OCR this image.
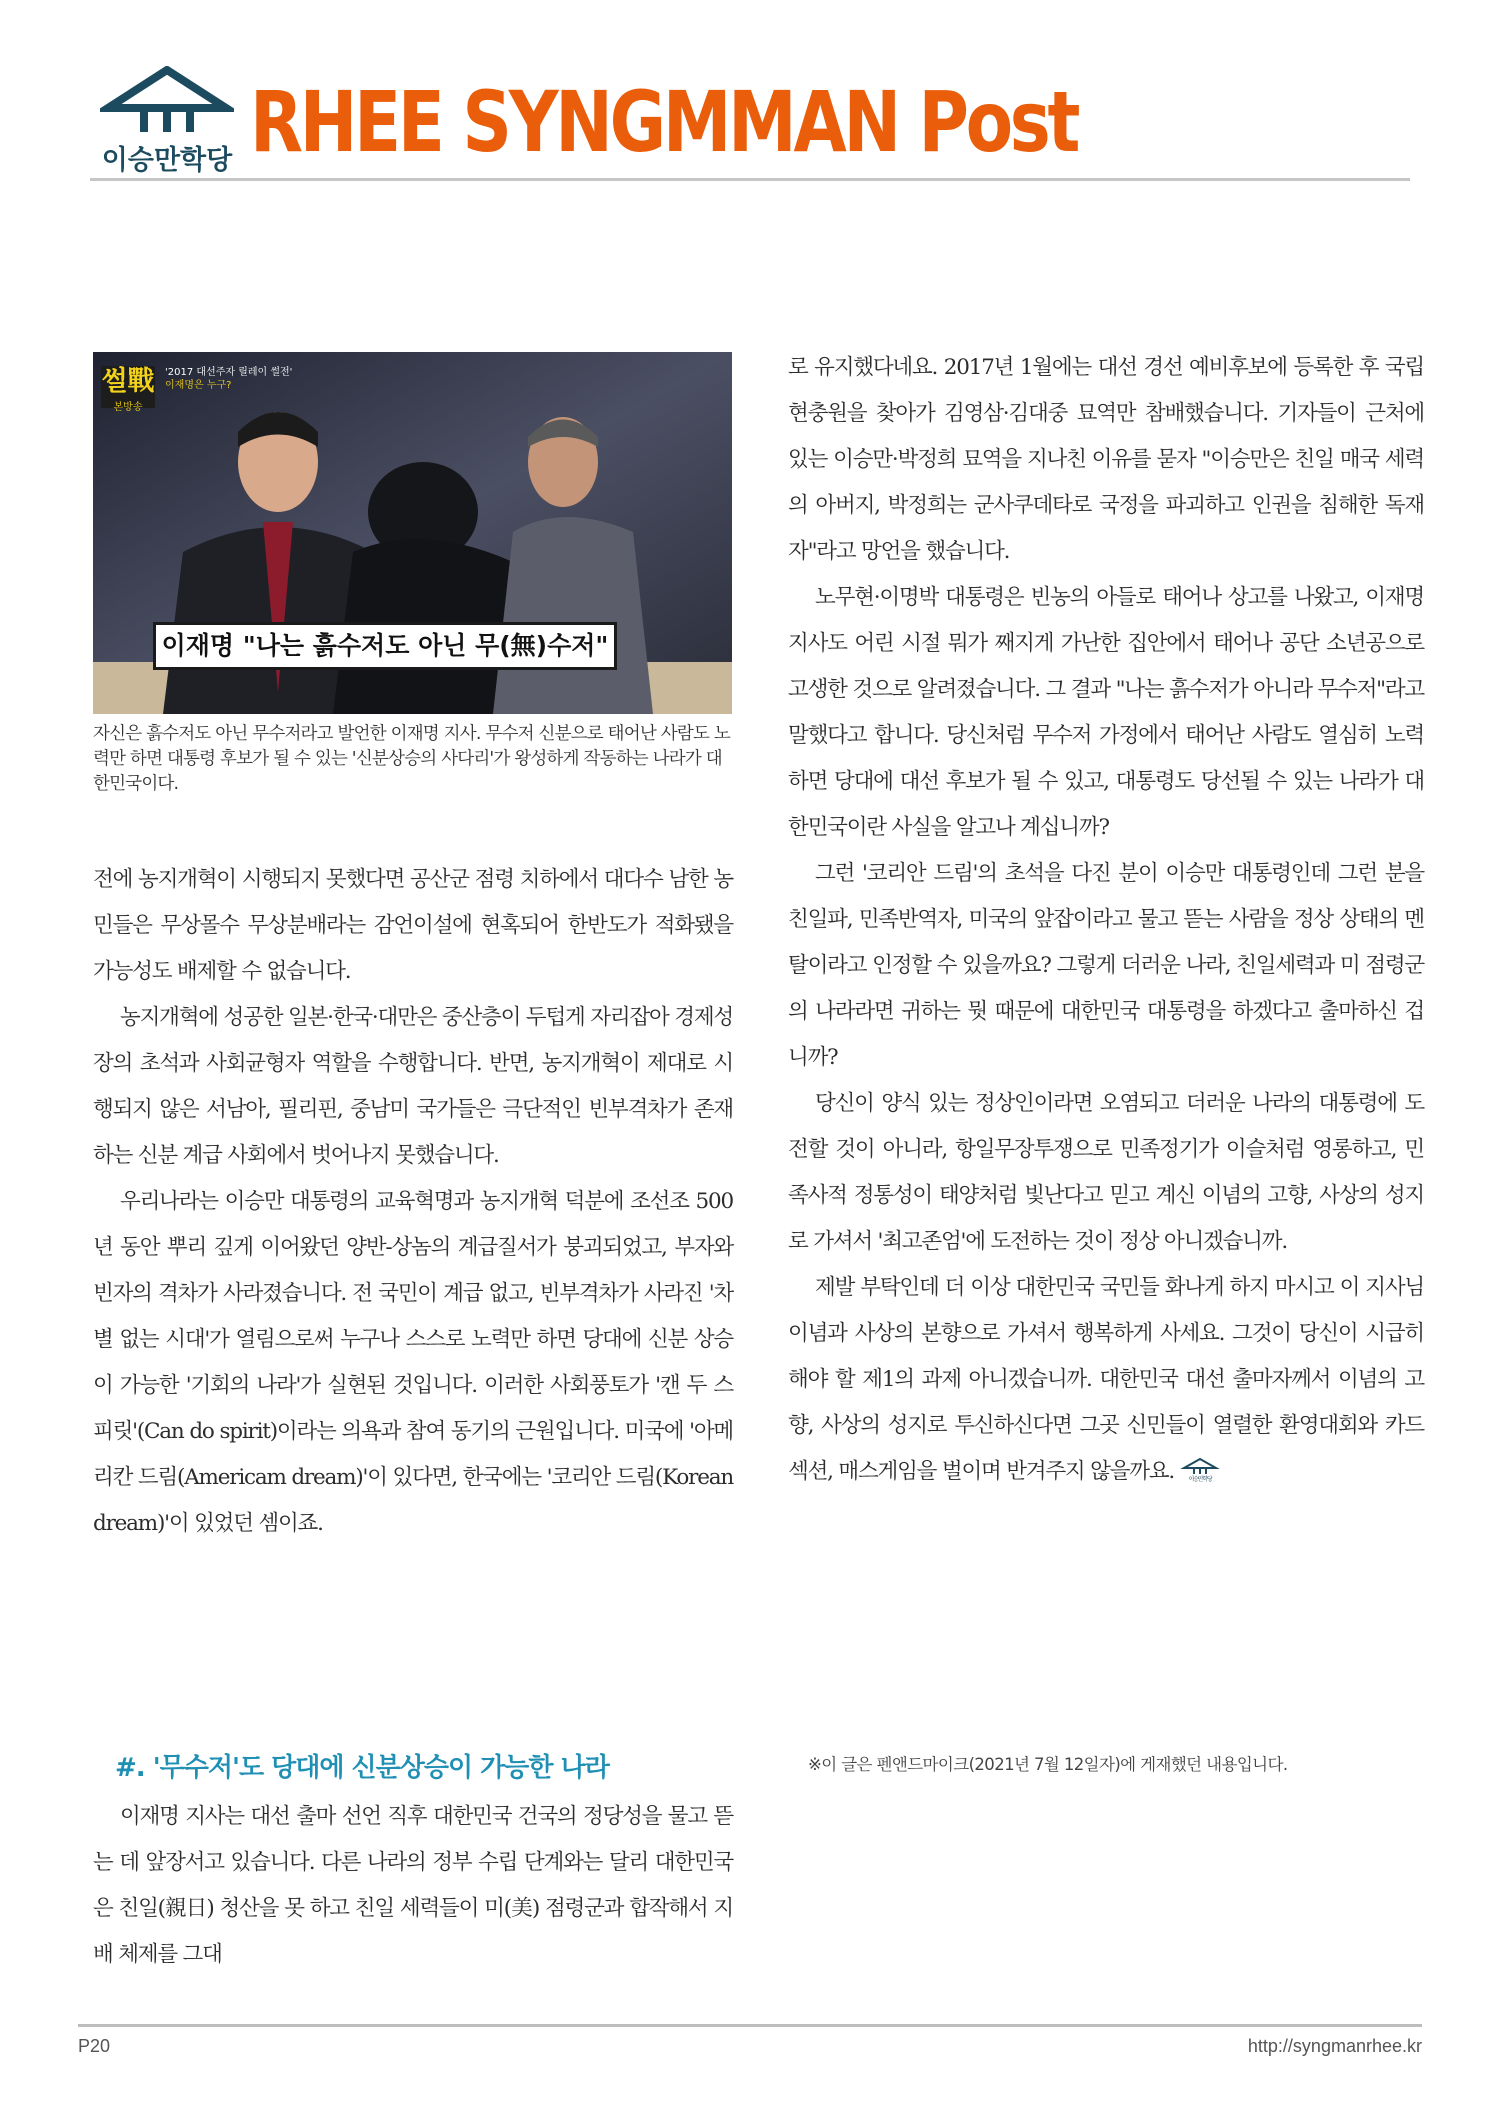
이승만학당 RHEE SYNGMMAN Post
썰戰
본방송
'2017 대선주자 릴레이 썰전'
이재명은 누구?
이재명 "나는 흙수저도 아닌 무(無)수저"

자신은 흙수저도 아닌 무수저라고 발언한 이재명 지사. 무수저 신분으로 태어난 사람도 노력만 하면 대통령 후보가 될 수 있는 '신분상승의 사다리'가 왕성하게 작동하는 나라가 대한민국이다.

전에 농지개혁이 시행되지 못했다면 공산군 점령 치하에서 대다수 남한 농민들은 무상몰수 무상분배라는 감언이설에 현혹되어 한반도가 적화됐을 가능성도 배제할 수 없습니다.

농지개혁에 성공한 일본·한국·대만은 중산층이 두텁게 자리잡아 경제성장의 초석과 사회균형자 역할을 수행합니다. 반면, 농지개혁이 제대로 시행되지 않은 서남아, 필리핀, 중남미 국가들은 극단적인 빈부격차가 존재하는 신분 계급 사회에서 벗어나지 못했습니다.

우리나라는 이승만 대통령의 교육혁명과 농지개혁 덕분에 조선조 500년 동안 뿌리 깊게 이어왔던 양반-상놈의 계급질서가 붕괴되었고, 부자와 빈자의 격차가 사라졌습니다. 전 국민이 계급 없고, 빈부격차가 사라진 '차별 없는 시대'가 열림으로써 누구나 스스로 노력만 하면 당대에 신분 상승이 가능한 '기회의 나라'가 실현된 것입니다. 이러한 사회풍토가 '캔 두 스피릿'(Can do spirit)이라는 의욕과 참여 동기의 근원입니다. 미국에 '아메리칸 드림(Americam dream)'이 있다면, 한국에는 '코리안 드림(Korean dream)'이 있었던 셈이죠.

#. '무수저'도 당대에 신분상승이 가능한 나라

이재명 지사는 대선 출마 선언 직후 대한민국 건국의 정당성을 물고 뜯는 데 앞장서고 있습니다. 다른 나라의 정부 수립 단계와는 달리 대한민국은 친일(親日) 청산을 못 하고 친일 세력들이 미(美) 점령군과 합작해서 지배 체제를 그대

로 유지했다네요. 2017년 1월에는 대선 경선 예비후보에 등록한 후 국립현충원을 찾아가 김영삼·김대중 묘역만 참배했습니다. 기자들이 근처에 있는 이승만·박정희 묘역을 지나친 이유를 묻자 "이승만은 친일 매국 세력의 아버지, 박정희는 군사쿠데타로 국정을 파괴하고 인권을 침해한 독재자"라고 망언을 했습니다.

노무현·이명박 대통령은 빈농의 아들로 태어나 상고를 나왔고, 이재명 지사도 어린 시절 뭐가 째지게 가난한 집안에서 태어나 공단 소년공으로 고생한 것으로 알려졌습니다. 그 결과 "나는 흙수저가 아니라 무수저"라고 말했다고 합니다. 당신처럼 무수저 가정에서 태어난 사람도 열심히 노력하면 당대에 대선 후보가 될 수 있고, 대통령도 당선될 수 있는 나라가 대한민국이란 사실을 알고나 계십니까?

그런 '코리안 드림'의 초석을 다진 분이 이승만 대통령인데 그런 분을 친일파, 민족반역자, 미국의 앞잡이라고 물고 뜯는 사람을 정상 상태의 멘탈이라고 인정할 수 있을까요? 그렇게 더러운 나라, 친일세력과 미 점령군의 나라라면 귀하는 뭣 때문에 대한민국 대통령을 하겠다고 출마하신 겁니까?

당신이 양식 있는 정상인이라면 오염되고 더러운 나라의 대통령에 도전할 것이 아니라, 항일무장투쟁으로 민족정기가 이슬처럼 영롱하고, 민족사적 정통성이 태양처럼 빛난다고 믿고 계신 이념의 고향, 사상의 성지로 가셔서 '최고존엄'에 도전하는 것이 정상 아니겠습니까.

제발 부탁인데 더 이상 대한민국 국민들 화나게 하지 마시고 이 지사님 이념과 사상의 본향으로 가셔서 행복하게 사세요. 그것이 당신이 시급히 해야 할 제1의 과제 아니겠습니까. 대한민국 대선 출마자께서 이념의 고향, 사상의 성지로 투신하신다면 그곳 신민들이 열렬한 환영대회와 카드섹션, 매스게임을 벌이며 반겨주지 않을까요. 이승만학당

※이 글은 펜앤드마이크(2021년 7월 12일자)에 게재했던 내용입니다.

P20	http://syngmanrhee.kr
